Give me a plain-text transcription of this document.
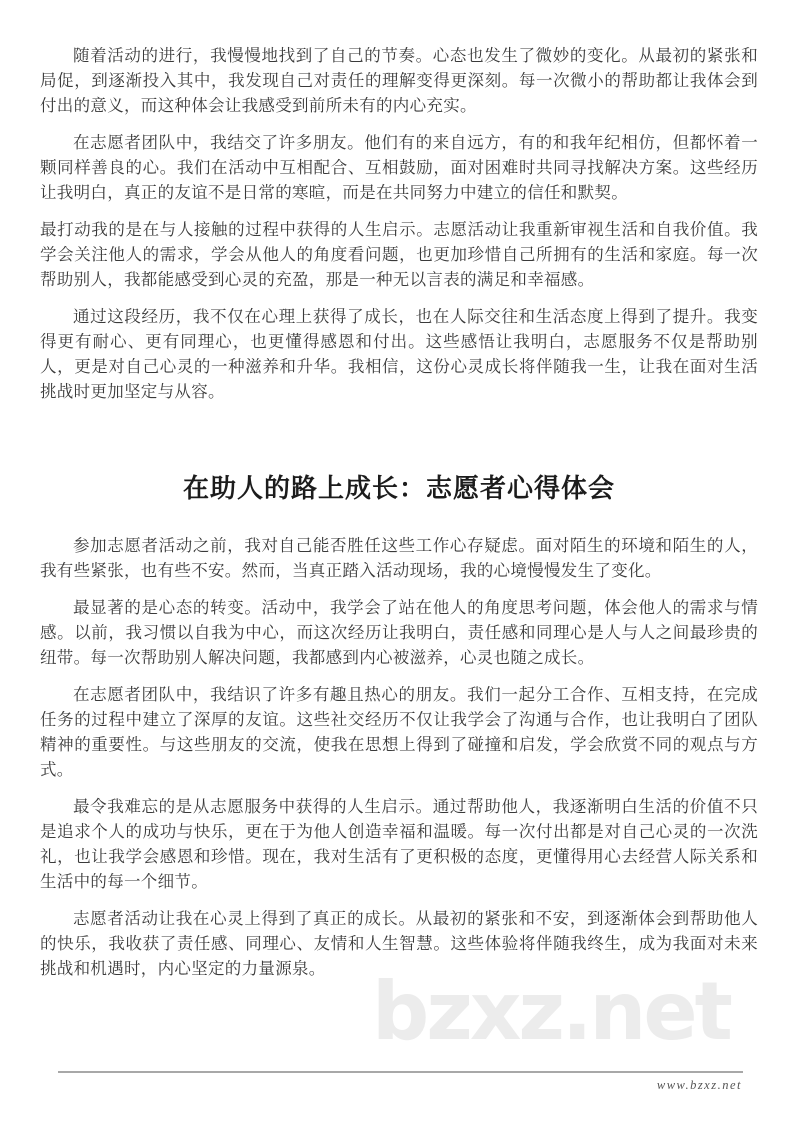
bzxz.net

随着活动的进行，我慢慢地找到了自己的节奏。心态也发生了微妙的变化。从最初的紧张和局促，到逐渐投入其中，我发现自己对责任的理解变得更深刻。每一次微小的帮助都让我体会到付出的意义，而这种体会让我感受到前所未有的内心充实。

在志愿者团队中，我结交了许多朋友。他们有的来自远方，有的和我年纪相仿，但都怀着一颗同样善良的心。我们在活动中互相配合、互相鼓励，面对困难时共同寻找解决方案。这些经历让我明白，真正的友谊不是日常的寒暄，而是在共同努力中建立的信任和默契。

最打动我的是在与人接触的过程中获得的人生启示。志愿活动让我重新审视生活和自我价值。我学会关注他人的需求，学会从他人的角度看问题，也更加珍惜自己所拥有的生活和家庭。每一次帮助别人，我都能感受到心灵的充盈，那是一种无以言表的满足和幸福感。

通过这段经历，我不仅在心理上获得了成长，也在人际交往和生活态度上得到了提升。我变得更有耐心、更有同理心，也更懂得感恩和付出。这些感悟让我明白，志愿服务不仅是帮助别人，更是对自己心灵的一种滋养和升华。我相信，这份心灵成长将伴随我一生，让我在面对生活挑战时更加坚定与从容。

在助人的路上成长：志愿者心得体会

参加志愿者活动之前，我对自己能否胜任这些工作心存疑虑。面对陌生的环境和陌生的人，我有些紧张，也有些不安。然而，当真正踏入活动现场，我的心境慢慢发生了变化。

最显著的是心态的转变。活动中，我学会了站在他人的角度思考问题，体会他人的需求与情感。以前，我习惯以自我为中心，而这次经历让我明白，责任感和同理心是人与人之间最珍贵的纽带。每一次帮助别人解决问题，我都感到内心被滋养，心灵也随之成长。

在志愿者团队中，我结识了许多有趣且热心的朋友。我们一起分工合作、互相支持，在完成任务的过程中建立了深厚的友谊。这些社交经历不仅让我学会了沟通与合作，也让我明白了团队精神的重要性。与这些朋友的交流，使我在思想上得到了碰撞和启发，学会欣赏不同的观点与方式。

最令我难忘的是从志愿服务中获得的人生启示。通过帮助他人，我逐渐明白生活的价值不只是追求个人的成功与快乐，更在于为他人创造幸福和温暖。每一次付出都是对自己心灵的一次洗礼，也让我学会感恩和珍惜。现在，我对生活有了更积极的态度，更懂得用心去经营人际关系和生活中的每一个细节。

志愿者活动让我在心灵上得到了真正的成长。从最初的紧张和不安，到逐渐体会到帮助他人的快乐，我收获了责任感、同理心、友情和人生智慧。这些体验将伴随我终生，成为我面对未来挑战和机遇时，内心坚定的力量源泉。

www.bzxz.net
